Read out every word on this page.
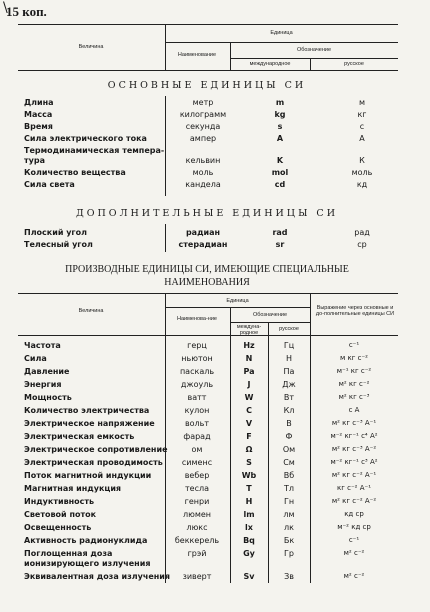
\
15 коп.
Величина
Единица
Наименование
Обозначение
международное	русское
ОСНОВНЫЕ ЕДИНИЦЫ СИ
Длина	метр	m	м
Масса	килограмм	kg	кг
Время	секунда	s	с
Сила электрического тока	ампер	A	А
Термодинамическая темпера-
тура	кельвин	K	К
Количество вещества	моль	mol	моль
Сила света	кандела	cd	кд
ДОПОЛНИТЕЛЬНЫЕ ЕДИНИЦЫ СИ
Плоский угол	радиан	rad	рад
Телесный угол	стерадиан	sr	ср
ПРОИЗВОДНЫЕ ЕДИНИЦЫ СИ, ИМЕЮЩИЕ СПЕЦИАЛЬНЫЕ
НАИМЕНОВАНИЯ
Величина
Единица
Наименова-ние
Обозначение
междуна-родное
русское
Выражение через основные и до-полнительные единицы СИ
Частота	герц	Hz	Гц	с⁻¹
Сила	ньютон	N	Н	м кг с⁻²
Давление	паскаль	Pa	Па	м⁻¹ кг с⁻²
Энергия	джоуль	J	Дж	м² кг с⁻²
Мощность	ватт	W	Вт	м² кг с⁻³
Количество электричества	кулон	C	Кл	с А
Электрическое напряжение	вольт	V	В	м² кг с⁻³ А⁻¹
Электрическая емкость	фарад	F	Ф	м⁻² кг⁻¹ с⁴ А²
Электрическое сопротивление	ом	Ω	Ом	м² кг с⁻³ А⁻²
Электрическая проводимость	сименс	S	См	м⁻² кг⁻¹ с³ А²
Поток магнитной индукции	вебер	Wb	Вб	м² кг с⁻² А⁻¹
Магнитная индукция	тесла	T	Тл	кг с⁻² А⁻¹
Индуктивность	генри	H	Гн	м² кг с⁻² А⁻²
Световой поток	люмен	lm	лм	кд ср
Освещенность	люкс	lx	лк	м⁻² кд ср
Активность радионуклида	беккерель	Bq	Бк	с⁻¹
Поглощенная доза	грэй	Gy	Гр	м² с⁻²
ионизирующего излучения
Эквивалентная доза излучения	зиверт	Sv	Зв	м² с⁻²
